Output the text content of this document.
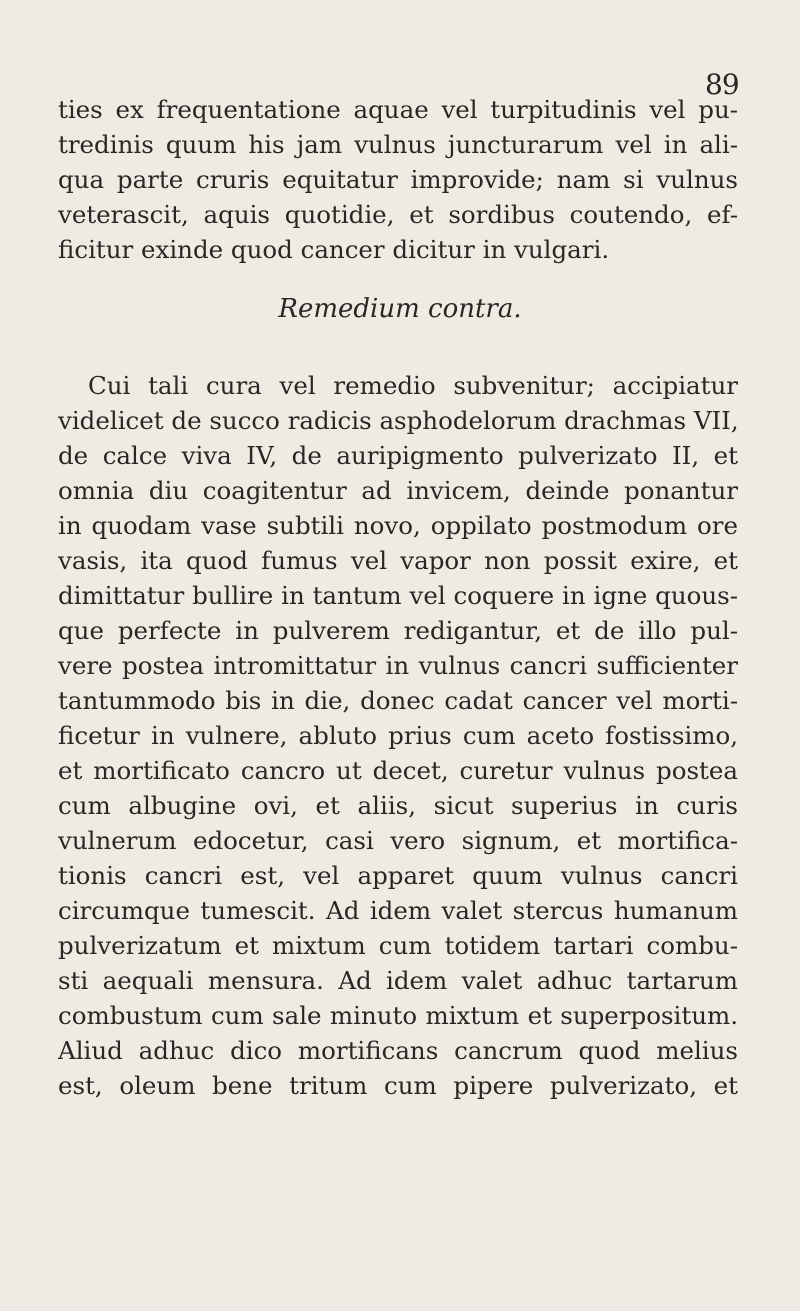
89
ties ex frequentatione aquae vel turpitudinis vel pu-
tredinis quum his jam vulnus juncturarum vel in ali-
qua parte cruris equitatur improvide; nam si vulnus
veterascit, aquis quotidie, et sordibus coutendo, ef-
ficitur exinde quod cancer dicitur in vulgari.
Remedium contra.
Cui tali cura vel remedio subvenitur; accipiatur
videlicet de succo radicis asphodelorum drachmas VII,
de calce viva IV, de auripigmento pulverizato II, et
omnia diu coagitentur ad invicem, deinde ponantur
in quodam vase subtili novo, oppilato postmodum ore
vasis, ita quod fumus vel vapor non possit exire, et
dimittatur bullire in tantum vel coquere in igne quous-
que perfecte in pulverem redigantur, et de illo pul-
vere postea intromittatur in vulnus cancri sufficienter
tantummodo bis in die, donec cadat cancer vel morti-
ficetur in vulnere, abluto prius cum aceto fostissimo,
et mortificato cancro ut decet, curetur vulnus postea
cum albugine ovi, et aliis, sicut superius in curis
vulnerum edocetur, casi vero signum, et mortifica-
tionis cancri est, vel apparet quum vulnus cancri
circumque tumescit. Ad idem valet stercus humanum
pulverizatum et mixtum cum totidem tartari combu-
sti aequali mensura. Ad idem valet adhuc tartarum
combustum cum sale minuto mixtum et superpositum.
Aliud adhuc dico mortificans cancrum quod melius
est, oleum bene tritum cum pipere pulverizato, et
